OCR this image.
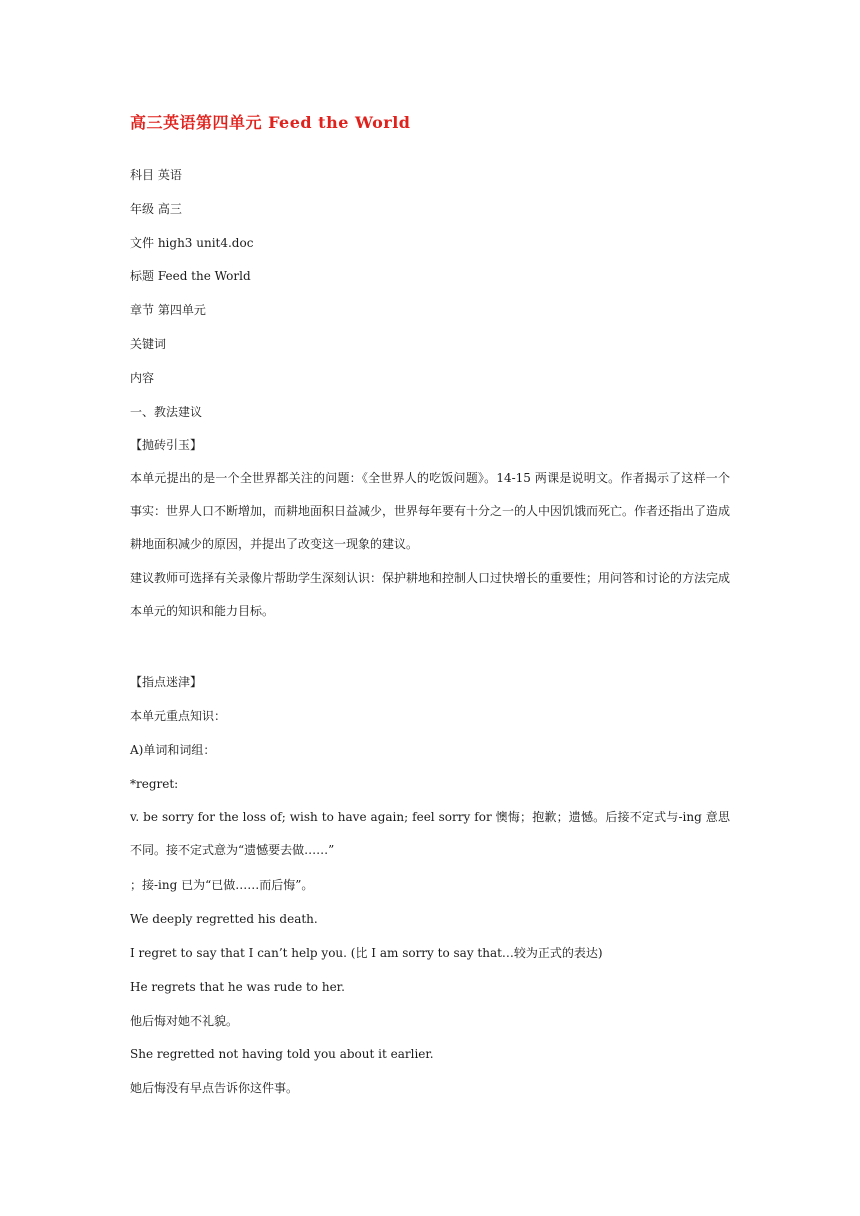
高三英语第四单元 Feed the World
科目 英语
年级 高三
文件 high3 unit4.doc
标题 Feed the World
章节 第四单元
关键词
内容
一、教法建议
【抛砖引玉】

本单元提出的是一个全世界都关注的问题：《全世界人的吃饭问题》。14-15 两课是说明文。作者揭示了这样一个事实：世界人口不断增加，而耕地面积日益减少，世界每年要有十分之一的人中因饥饿而死亡。作者还指出了造成耕地面积减少的原因，并提出了改变这一现象的建议。

建议教师可选择有关录像片帮助学生深刻认识：保护耕地和控制人口过快增长的重要性；用问答和讨论的方法完成本单元的知识和能力目标。

【指点迷津】
本单元重点知识：
A)单词和词组：
*regret:

v. be sorry for the loss of; wish to have again; feel sorry for 懊悔；抱歉；遗憾。后接不定式与-ing 意思不同。接不定式意为“遗憾要去做……”

；接-ing 已为“已做……而后悔”。
We deeply regretted his death.
I regret to say that I can’t help you. (比 I am sorry to say that…较为正式的表达)
He regrets that he was rude to her.
他后悔对她不礼貌。
She regretted not having told you about it earlier.
她后悔没有早点告诉你这件事。
